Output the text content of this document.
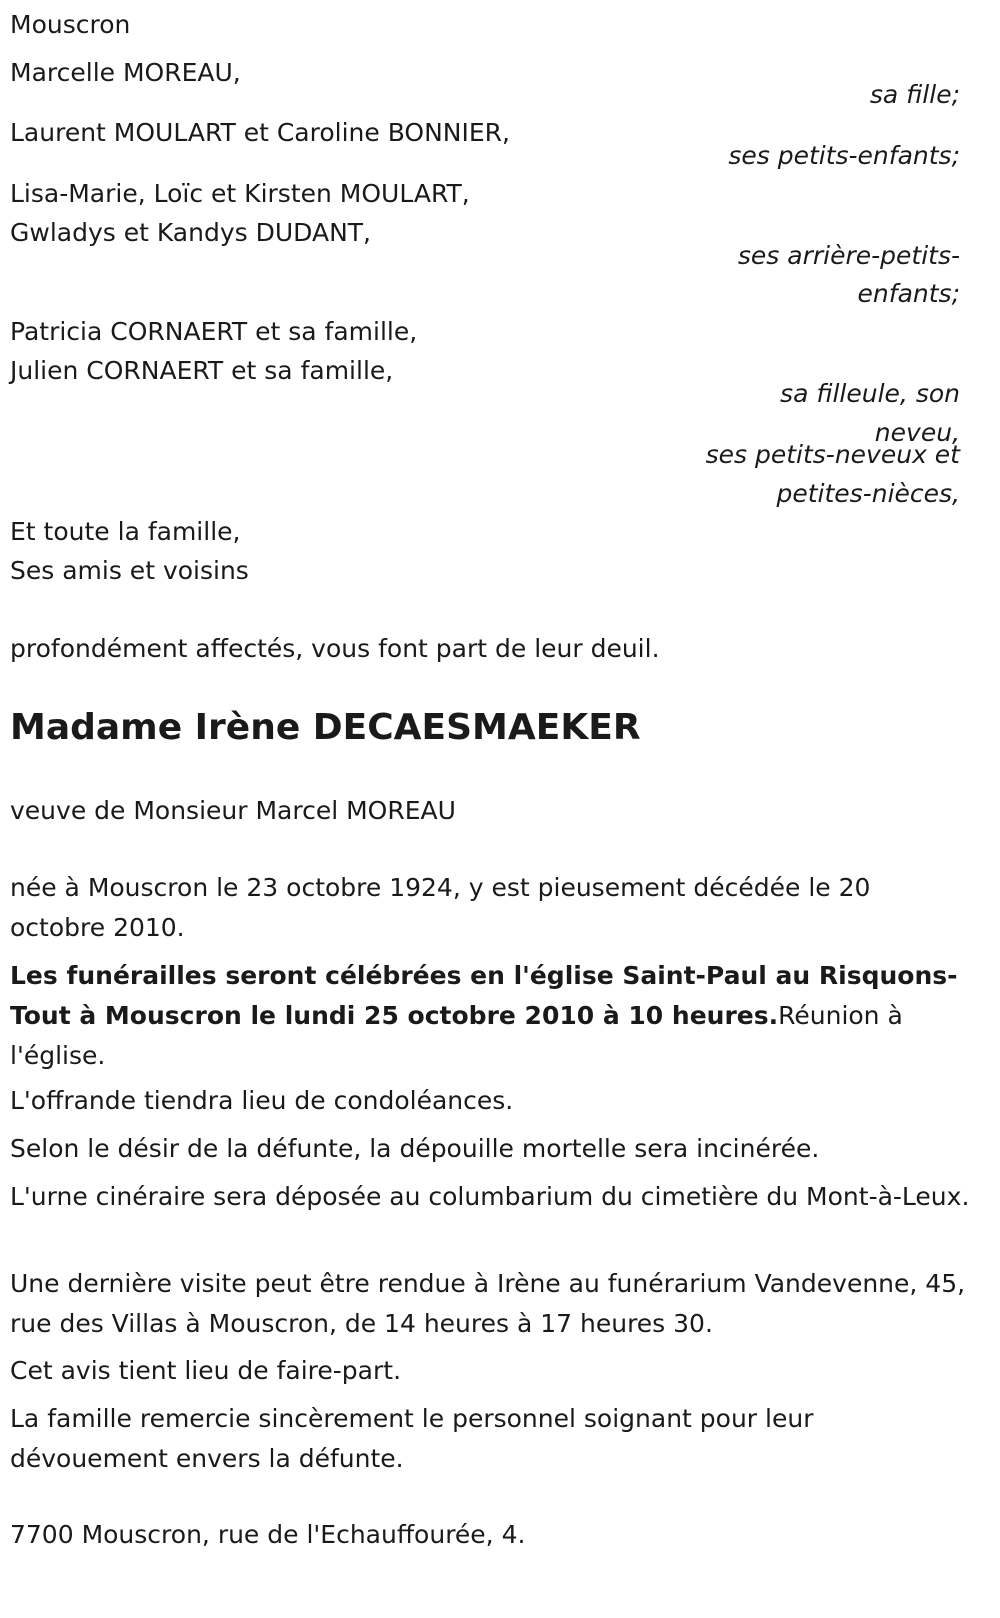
Mouscron

Marcelle MOREAU,

sa fille;

Laurent MOULART et Caroline BONNIER,

ses petits-enfants;

Lisa-Marie, Loïc et Kirsten MOULART,

Gwladys et Kandys DUDANT,

ses arrière-petits-

enfants;

Patricia CORNAERT et sa famille,

Julien CORNAERT et sa famille,

sa filleule, son

neveu,

ses petits-neveux et

petites-nièces,

Et toute la famille,

Ses amis et voisins

profondément affectés, vous font part de leur deuil.

Madame Irène DECAESMAEKER

veuve de Monsieur Marcel MOREAU

née à Mouscron le 23 octobre 1924, y est pieusement décédée le 20 octobre 2010.

Les funérailles seront célébrées en l'église Saint-Paul au Risquons-Tout à Mouscron le lundi 25 octobre 2010 à 10 heures.Réunion à l'église.

L'offrande tiendra lieu de condoléances.

Selon le désir de la défunte, la dépouille mortelle sera incinérée.

L'urne cinéraire sera déposée au columbarium du cimetière du Mont-à-Leux.

Une dernière visite peut être rendue à Irène au funérarium Vandevenne, 45, rue des Villas à Mouscron, de 14 heures à 17 heures 30.

Cet avis tient lieu de faire-part.

La famille remercie sincèrement le personnel soignant pour leur dévouement envers la défunte.

7700 Mouscron, rue de l'Echauffourée, 4.
